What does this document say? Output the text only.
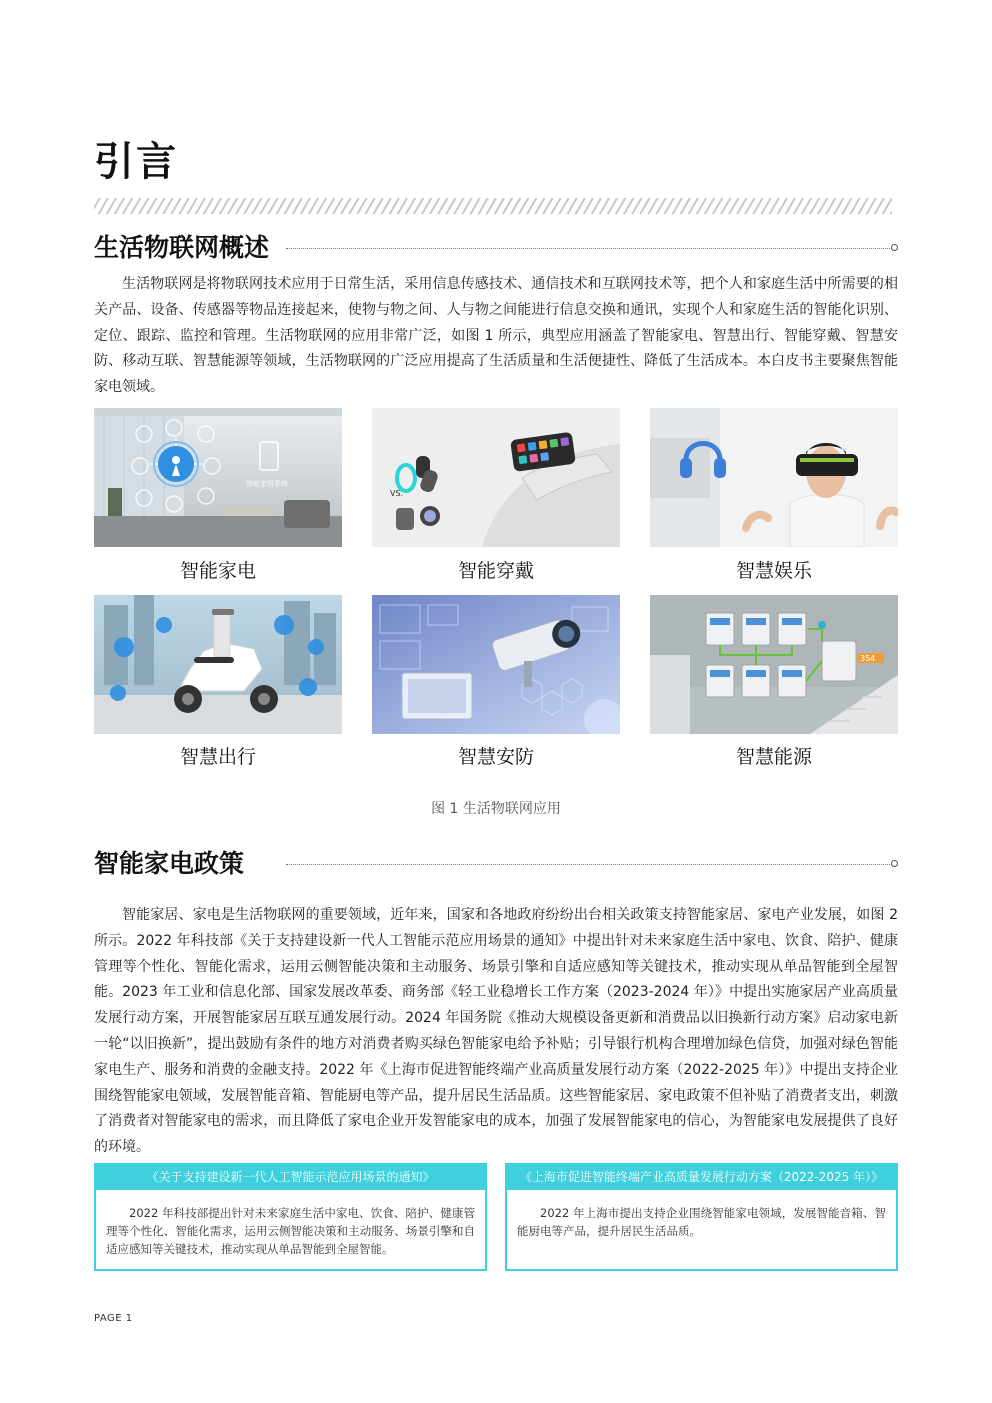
引言
生活物联网概述

生活物联网是将物联网技术应用于日常生活，采用信息传感技术、通信技术和互联网技术等，把个人和家庭生活中所需要的相关产品、设备、传感器等物品连接起来，使物与物之间、人与物之间能进行信息交换和通讯，实现个人和家庭生活的智能化识别、定位、跟踪、监控和管理。生活物联网的应用非常广泛，如图 1 所示，典型应用涵盖了智能家电、智慧出行、智能穿戴、智慧安防、移动互联、智慧能源等领域，生活物联网的广泛应用提高了生活质量和生活便捷性、降低了生活成本。本白皮书主要聚焦智能家电领域。

智能家居系统
智能家电
VS.
智能穿戴	智慧娱乐
智慧出行	智慧安防
354
智慧能源
图 1 生活物联网应用
智能家电政策

智能家居、家电是生活物联网的重要领域，近年来，国家和各地政府纷纷出台相关政策支持智能家居、家电产业发展，如图 2所示。2022 年科技部《关于支持建设新一代人工智能示范应用场景的通知》中提出针对未来家庭生活中家电、饮食、陪护、健康管理等个性化、智能化需求，运用云侧智能决策和主动服务、场景引擎和自适应感知等关键技术，推动实现从单品智能到全屋智能。2023 年工业和信息化部、国家发展改革委、商务部《轻工业稳增长工作方案（2023-2024 年）》中提出实施家居产业高质量发展行动方案，开展智能家居互联互通发展行动。2024 年国务院《推动大规模设备更新和消费品以旧换新行动方案》启动家电新一轮“以旧换新”，提出鼓励有条件的地方对消费者购买绿色智能家电给予补贴；引导银行机构合理增加绿色信贷，加强对绿色智能家电生产、服务和消费的金融支持。2022 年《上海市促进智能终端产业高质量发展行动方案（2022-2025 年）》中提出支持企业围绕智能家电领域，发展智能音箱、智能厨电等产品，提升居民生活品质。这些智能家居、家电政策不但补贴了消费者支出，刺激了消费者对智能家电的需求，而且降低了家电企业开发智能家电的成本，加强了发展智能家电的信心，为智能家电发展提供了良好的环境。

《关于支持建设新一代人工智能示范应用场景的通知》

2022 年科技部提出针对未来家庭生活中家电、饮食、陪护、健康管理等个性化、智能化需求，运用云侧智能决策和主动服务、场景引擎和自适应感知等关键技术，推动实现从单品智能到全屋智能。

《上海市促进智能终端产业高质量发展行动方案（2022-2025 年）》

2022 年上海市提出支持企业围绕智能家电领域，发展智能音箱、智能厨电等产品，提升居民生活品质。

PAGE 1
